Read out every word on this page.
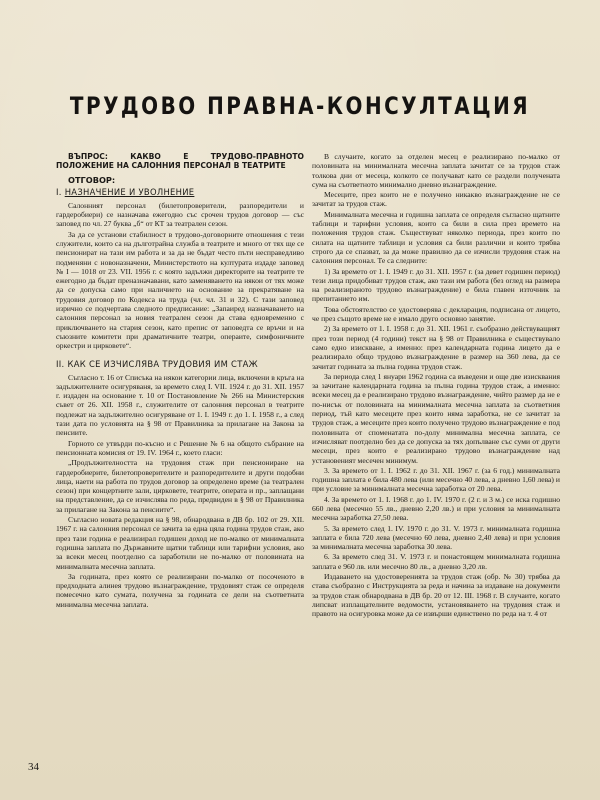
ТРУДОВО ПРАВНА-КОНСУЛТАЦИЯ
ВЪПРОС: КАКВО Е ТРУДОВО-ПРАВНОТО ПОЛОЖЕНИЕ НА САЛОННИЯ ПЕРСОНАЛ В ТЕАТРИТЕ
ОТГОВОР:
I. НАЗНАЧЕНИЕ И УВОЛНЕНИЕ

Салонният персонал (билетопроверители, разпоредители и гардеробиери) се назначава ежегодно със срочен трудов договор — със заповед по чл. 27 буква „б“ от КТ за театрален сезон.

За да се установи стабилност в трудово-договорните отношения с тези служители, които са на дълготрайна служба в театрите и много от тях ще се пенсионират на тази им работа и за да не бъдат често пъти несправедливо подменяни с новоназначени, Министерството на културата издаде заповед № I — 1018 от 23. VII. 1956 г. с която задължи директорите на театрите те ежегодно да бъдат преназначавани, като заменяването на някои от тях може да се допуска само при наличието на основание за прекратяване на трудовия договор по Кодекса на труда (чл. чл. 31 и 32). С тази заповед изрично се подчертава следното предписание: „Запаиред назначаването на салонния персонал за новия театрален сезон да става едновременно с приключването на стария сезон, като препис от заповедта се връчи и на съюзните комитети при драматичните театри, операите, симфоничните оркестри и цирковете“.

II. КАК СЕ ИЗЧИСЛЯВА ТРУДОВИЯ ИМ СТАЖ

Съгласно т. 16 от Списъка на някои категории лица, включени в кръга на задължителните осигуряваня, за времето след I. VII. 1924 г. до 31. XII. 1957 г. издаден на основание т. 10 от Постановление № 266 на Министерския съвет от 26. XII. 1958 г., служителите от салонния персонал в театрите подлежат на задължително осигуряване от 1. I. 1949 г. до 1. I. 1958 г., а след тази дата по условията на § 98 от Правилника за прилагане на Закона за пенсиите.

Горното се утвърди по-късно и с Решение № 6 на общото събрание на пенсионната комисия от 19. IV. 1964 г., което гласи:

„Продължителността на трудовия стаж при пенсиониране на гардеробиерите, билетопроверителите и разпоредителите и други подобни лица, наети на работа по трудов договор за определено време (за театрален сезон) при концертните зали, цирковете, театрите, операта и пр., заплащани на представление, да се изчислява по реда, предвиден в § 98 от Правилника за прилагане на Закона за пенсиите“.

Съгласно новата редакция на § 98, обнародвана в ДВ бр. 102 от 29. XII. 1967 г. на салонния персонал се зачита за една цяла година трудов стаж, ако през тази година е реализирал годишен доход не по-малко от минималната годишна заплата по Държавните щатни таблици или тарифни условия, ако за всеки месец поотделно са заработили не по-малко от половината на минималната месечна заплата.

За годината, през която се реализирани по-малко от посоченото в предходната алинея трудово възнаграждение, трудовият стаж се определя помесечно като сумата, получена за годината се дели на съответната минимална месечна заплата.

В случаите, когато за отделен месец е реализирано по-малко от половината на минималната месечна заплата зачитат се за трудов стаж толкова дни от месеца, колкото се получават като се раздели получената сума на съответното минимално дневно възнаграждение.

Месеците, през които не е получено никакво възнаграждение не се зачитат за трудов стаж.

Минималната месечна и годишна заплата се определя съгласно щатните таблици и тарифни условия, които са били в сила през времето на положения трудов стаж. Съществуват няколко периода, през които по силата на щатните таблици и условия са били различни и които трябва строго да се спазват, за да може правилно да се изчисли трудовия стаж на салонния персонал. Те са следните:

1) За времето от 1. I. 1949 г. до 31. XII. 1957 г. (за девет годишен период) тези лица придобиват трудов стаж, ако тази им работа (без оглед на размера на реализираното трудово възнаграждение) е била главен източник за препитанието им.

Това обстоятелство се удостоверява с декларация, подписана от лицето, че през същото време не е имало друго основно занятие.

2) За времето от 1. I. 1958 г. до 31. XII. 1961 г. съобразно действуващият през този период (4 години) текст на § 98 от Правилника е съществувало само едно изискване, а именно: през календарната година лицето да е реализирало общо трудово възнаграждение в размер на 360 лева, да се зачитат годината за пълна година трудов стаж.

За периода след 1 януари 1962 година са въведени и още две изисквания за зачитане календарната година за пълна година трудов стаж, а именно: всеки месец да е реализирано трудово възнаграждение, чийто размер да не е по-нисък от половината на минималната месечна заплата за съответния период, тъй като месеците през които няма заработка, не се зачитат за трудов стаж, а месеците през които получено трудово възнаграждение е под половината от споменатата по-долу минимална месечна заплата, се изчисляват поотделно без да се допуска за тях допълване със суми от други месеци, през които е реализирано трудово възнаграждение над установеният месечен минимум.

3. За времето от 1. I. 1962 г. до 31. XII. 1967 г. (за 6 год.) минималната годишна заплата е била 480 лева (или месечно 40 лева, а дневно 1,60 лева) и при условие за минималната месечна заработка от 20 лева.

4. За времето от 1. I. 1968 г. до 1. IV. 1970 г. (2 г. и 3 м.) се иска годишно 660 лева (месечно 55 лв., дневно 2,20 лв.) и при условия за минималната месечна заработка 27,50 лева.

5. За времето след 1. IV. 1970 г. до 31. V. 1973 г. минималната годишна заплата е била 720 лева (месечно 60 лева, дневно 2,40 лева) и при условия за минималната месечна заработка 30 лева.

6. За времето след 31. V. 1973 г. и понастоящем минималната годишна заплата е 960 лв. или месечно 80 лв., а дневно 3,20 лв.

Издаването на удостоверенията за трудов стаж (обр. № 30) трябва да става съобразно с Инструкцията за реда и начина за издаване на документи за трудов стаж обнародвана в ДВ бр. 20 от 12. III. 1968 г. В случаите, когато липсват изплащателните ведомости, установяването на трудовия стаж и правото на осигуровка може да се извърши единствено по реда на т. 4 от

34
